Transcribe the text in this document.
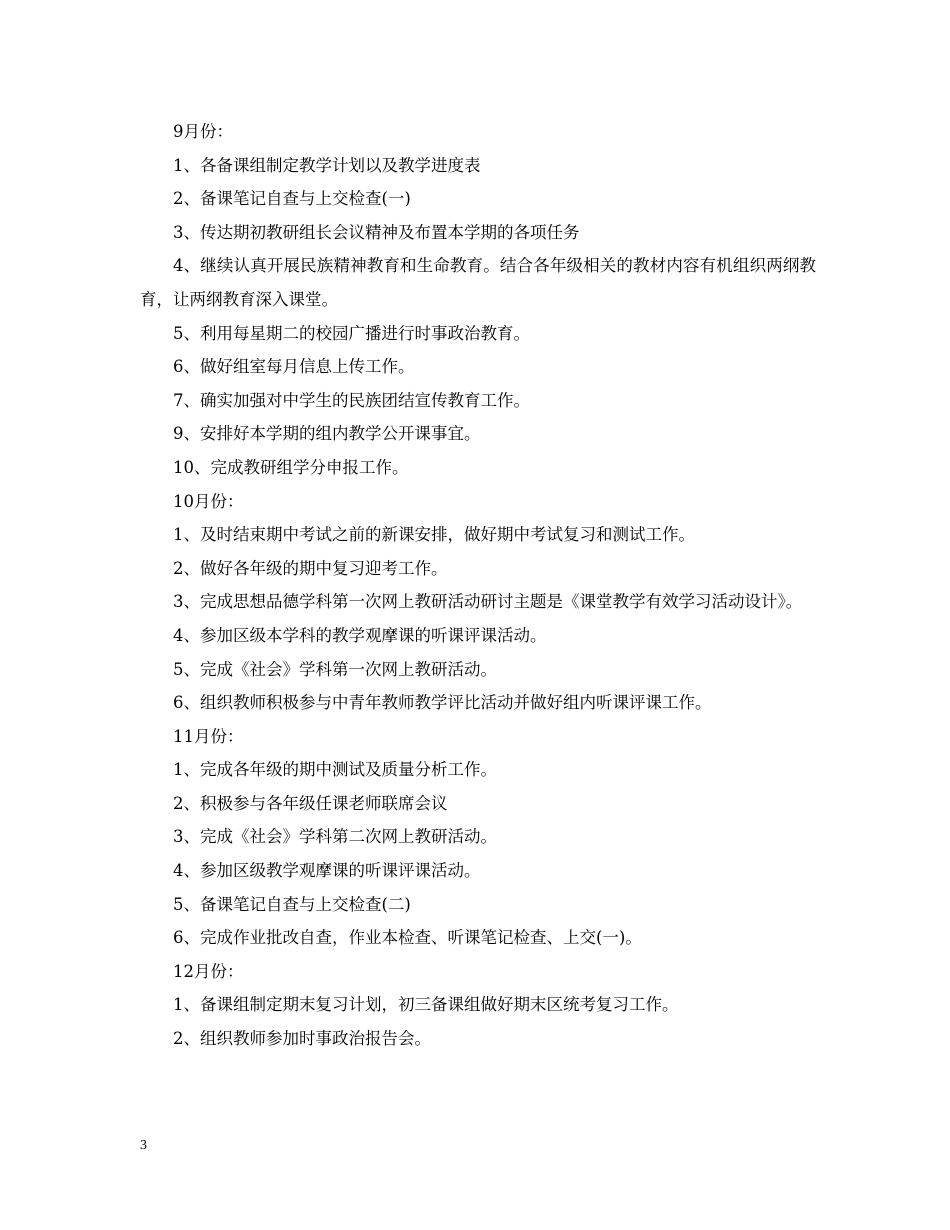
9月份：

1、各备课组制定教学计划以及教学进度表

2、备课笔记自查与上交检查(一)

3、传达期初教研组长会议精神及布置本学期的各项任务

4、继续认真开展民族精神教育和生命教育。结合各年级相关的教材内容有机组织两纲教育，让两纲教育深入课堂。

5、利用每星期二的校园广播进行时事政治教育。

6、做好组室每月信息上传工作。

7、确实加强对中学生的民族团结宣传教育工作。

9、安排好本学期的组内教学公开课事宜。

10、完成教研组学分申报工作。

10月份：

1、及时结束期中考试之前的新课安排，做好期中考试复习和测试工作。

2、做好各年级的期中复习迎考工作。

3、完成思想品德学科第一次网上教研活动研讨主题是《课堂教学有效学习活动设计》。

4、参加区级本学科的教学观摩课的听课评课活动。

5、完成《社会》学科第一次网上教研活动。

6、组织教师积极参与中青年教师教学评比活动并做好组内听课评课工作。

11月份：

1、完成各年级的期中测试及质量分析工作。

2、积极参与各年级任课老师联席会议

3、完成《社会》学科第二次网上教研活动。

4、参加区级教学观摩课的听课评课活动。

5、备课笔记自查与上交检查(二)

6、完成作业批改自查，作业本检查、听课笔记检查、上交(一)。

12月份：

1、备课组制定期末复习计划，初三备课组做好期末区统考复习工作。

2、组织教师参加时事政治报告会。

3
